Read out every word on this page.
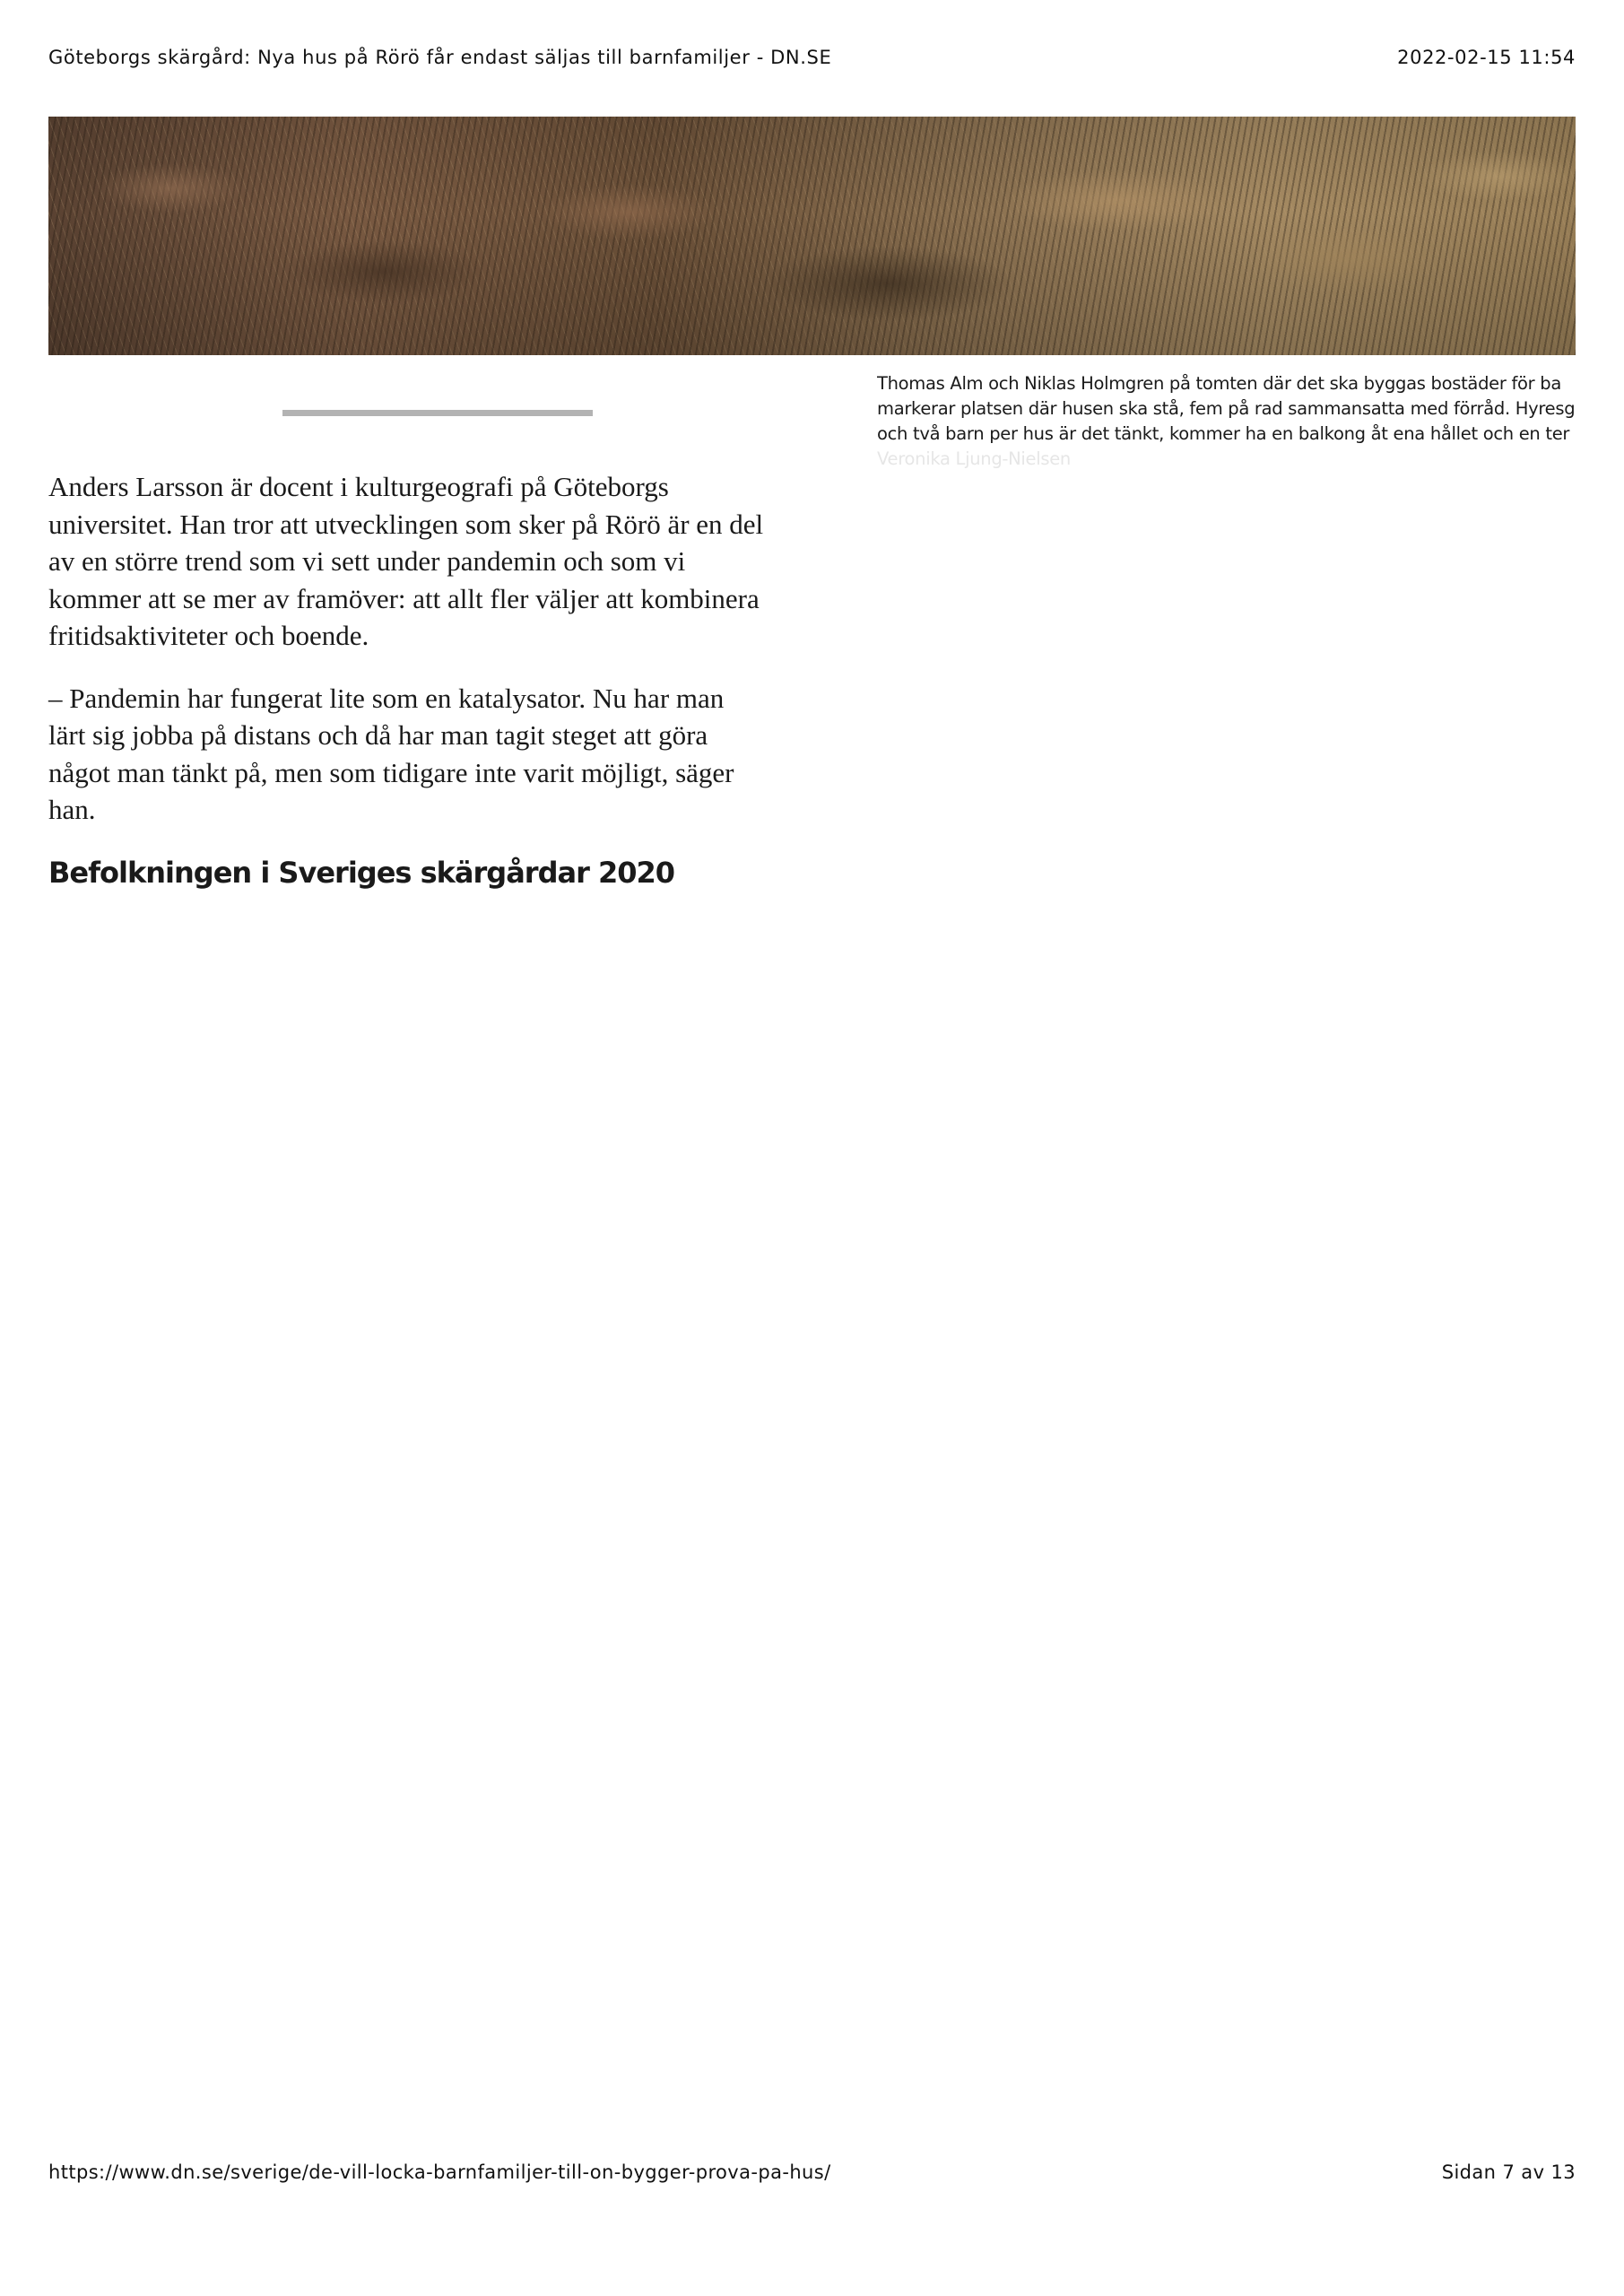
Göteborgs skärgård: Nya hus på Rörö får endast säljas till barnfamiljer - DN.SE	2022-02-15 11:54
Thomas Alm och Niklas Holmgren på tomten där det ska byggas bostäder för ba
markerar platsen där husen ska stå, fem på rad sammansatta med förråd. Hyresg
och två barn per hus är det tänkt, kommer ha en balkong åt ena hållet och en ter
Veronika Ljung-Nielsen

Anders Larsson är docent i kulturgeografi på Göteborgs
universitet. Han tror att utvecklingen som sker på Rörö är en del
av en större trend som vi sett under pandemin och som vi
kommer att se mer av framöver: att allt fler väljer att kombinera
fritidsaktiviteter och boende.

– Pandemin har fungerat lite som en katalysator. Nu har man
lärt sig jobba på distans och då har man tagit steget att göra
något man tänkt på, men som tidigare inte varit möjligt, säger
han.

Befolkningen i Sveriges skärgårdar 2020
https://www.dn.se/sverige/de-vill-locka-barnfamiljer-till-on-bygger-prova-pa-hus/	Sidan 7 av 13
